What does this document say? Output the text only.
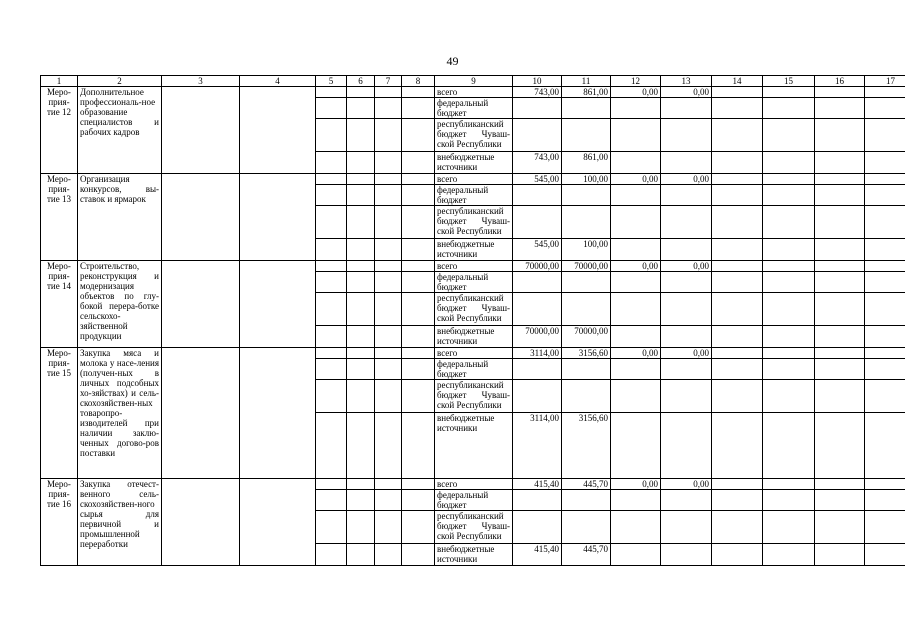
49
1	2	3	4	5	6	7	8	9	10	11	12	13	14	15	16	17
Меро-
прия-
тие 12	Дополнительное профессиональ-ное образование специалистов и рабочих кадров							всего	743,00	861,00	0,00	0,00				
								федеральный бюджет								
								республиканский бюджет Чуваш-ской Республики								
								внебюджетные источники	743,00	861,00						
Меро-
прия-
тие 13	Организация конкурсов, вы-ставок и ярмарок							всего	545,00	100,00	0,00	0,00				
								федеральный бюджет								
								республиканский бюджет Чуваш-ской Республики								
								внебюджетные источники	545,00	100,00						
Меро-
прия-
тие 14	Строительство, реконструкция и модернизация объектов по глу-бокой перера-ботке сельскохо-зяйственной продукции							всего	70000,00	70000,00	0,00	0,00				
								федеральный бюджет								
								республиканский бюджет Чуваш-ской Республики								
								внебюджетные источники	70000,00	70000,00						
Меро-
прия-
тие 15	Закупка мяса и молока у насе-ления (получен-ных в личных подсобных хо-зяйствах) и сель-скохозяйствен-ных товаропро-изводителей при наличии заклю-ченных догово-ров поставки							всего	3114,00	3156,60	0,00	0,00				
								федеральный бюджет								
								республиканский бюджет Чуваш-ской Республики								
								внебюджетные источники	3114,00	3156,60						
Меро-
прия-
тие 16	Закупка отечест-венного сель-скохозяйствен-ного сырья для первичной и промышленной переработки							всего	415,40	445,70	0,00	0,00				
								федеральный бюджет								
								республиканский бюджет Чуваш-ской Республики								
								внебюджетные источники	415,40	445,70						
